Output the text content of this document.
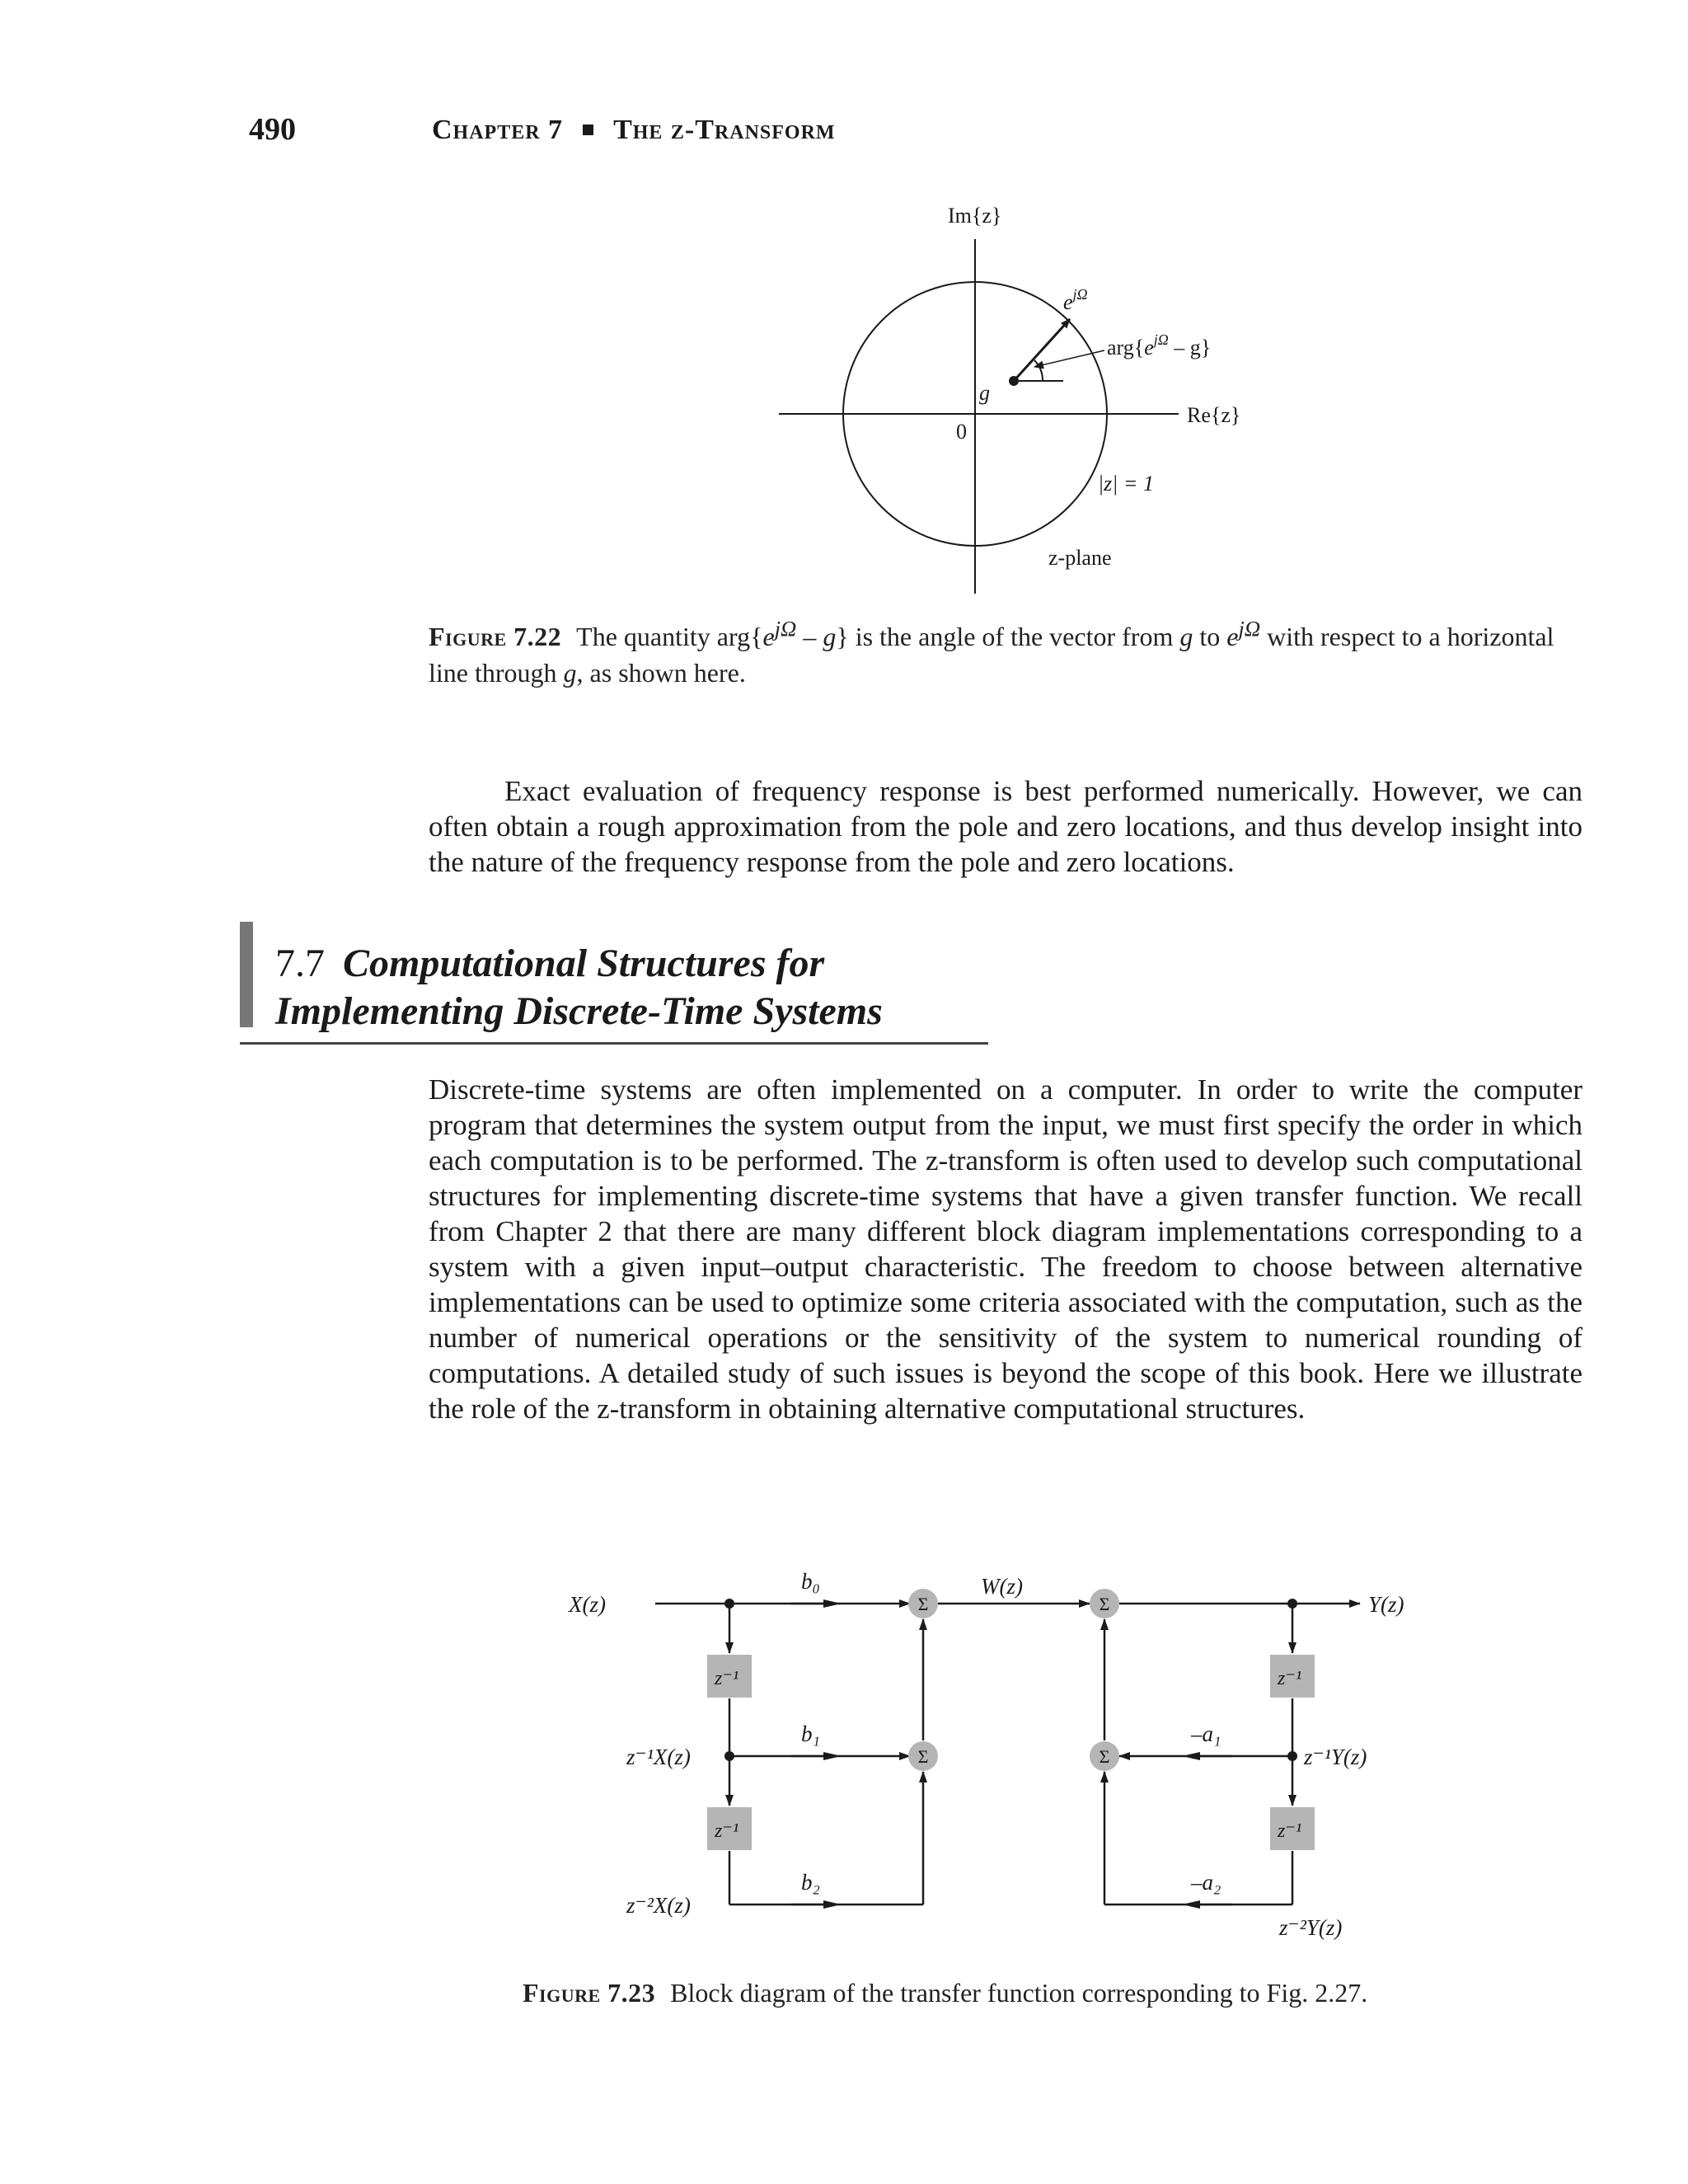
490	Chapter 7 The z-Transform
Im{z}
Re{z}
$e^{j\Omega}$
$arg\{e^{j\Omega} - g\}$
g
0
|z| = 1
z-plane
Figure 7.22 The quantity $arg\{e^{j\Omega} - g\}$ is the angle of the vector from g to $e^{j\Omega}$ with respect to a horizontal line through g, as shown here.
Exact evaluation of frequency response is best performed numerically. However, we can often obtain a rough approximation from the pole and zero locations, and thus develop insight into the nature of the frequency response from the pole and zero locations.
7.7 Computational Structures for
Implementing Discrete-Time Systems
Discrete-time systems are often implemented on a computer. In order to write the computer program that determines the system output from the input, we must first specify the order in which each computation is to be performed. The z-transform is often used to develop such computational structures for implementing discrete-time systems that have a given transfer function. We recall from Chapter 2 that there are many different block diagram implementations corresponding to a system with a given input–output characteristic. The freedom to choose between alternative implementations can be used to optimize some criteria associated with the computation, such as the number of numerical operations or the sensitivity of the system to numerical rounding of computations. A detailed study of such issues is beyond the scope of this book. Here we illustrate the role of the z-transform in obtaining alternative computational structures.
z⁻¹
z⁻¹
z⁻¹
z⁻¹
Σ
Σ
Σ
Σ
X(z)
z⁻¹X(z)
z⁻²X(z)
W(z)
Y(z)
z⁻¹Y(z)
z⁻²Y(z)
b₀
b₁
b₂
–a₁
–a₂
Figure 7.23 Block diagram of the transfer function corresponding to Fig. 2.27.
